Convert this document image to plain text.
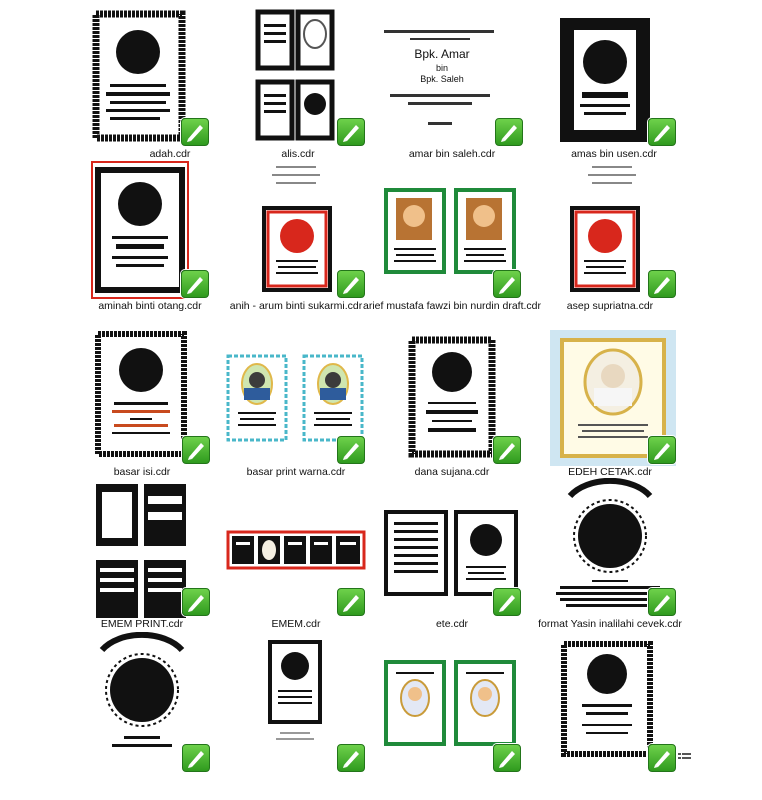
adah.cdr	alis.cdr
Bpk. Amar
bin
Bpk. Saleh
amar bin saleh.cdr	amas bin usen.cdr
aminah binti otang.cdr	anih - arum binti sukarmi.cdr arief mustafa fawzi bin nurdin draft.cdr	asep supriatna.cdr
basar isi.cdr	basar print warna.cdr	dana sujana.cdr	EDEH CETAK.cdr
EMEM PRINT.cdr	EMEM.cdr	ete.cdr	format Yasin inalilahi cevek.cdr
